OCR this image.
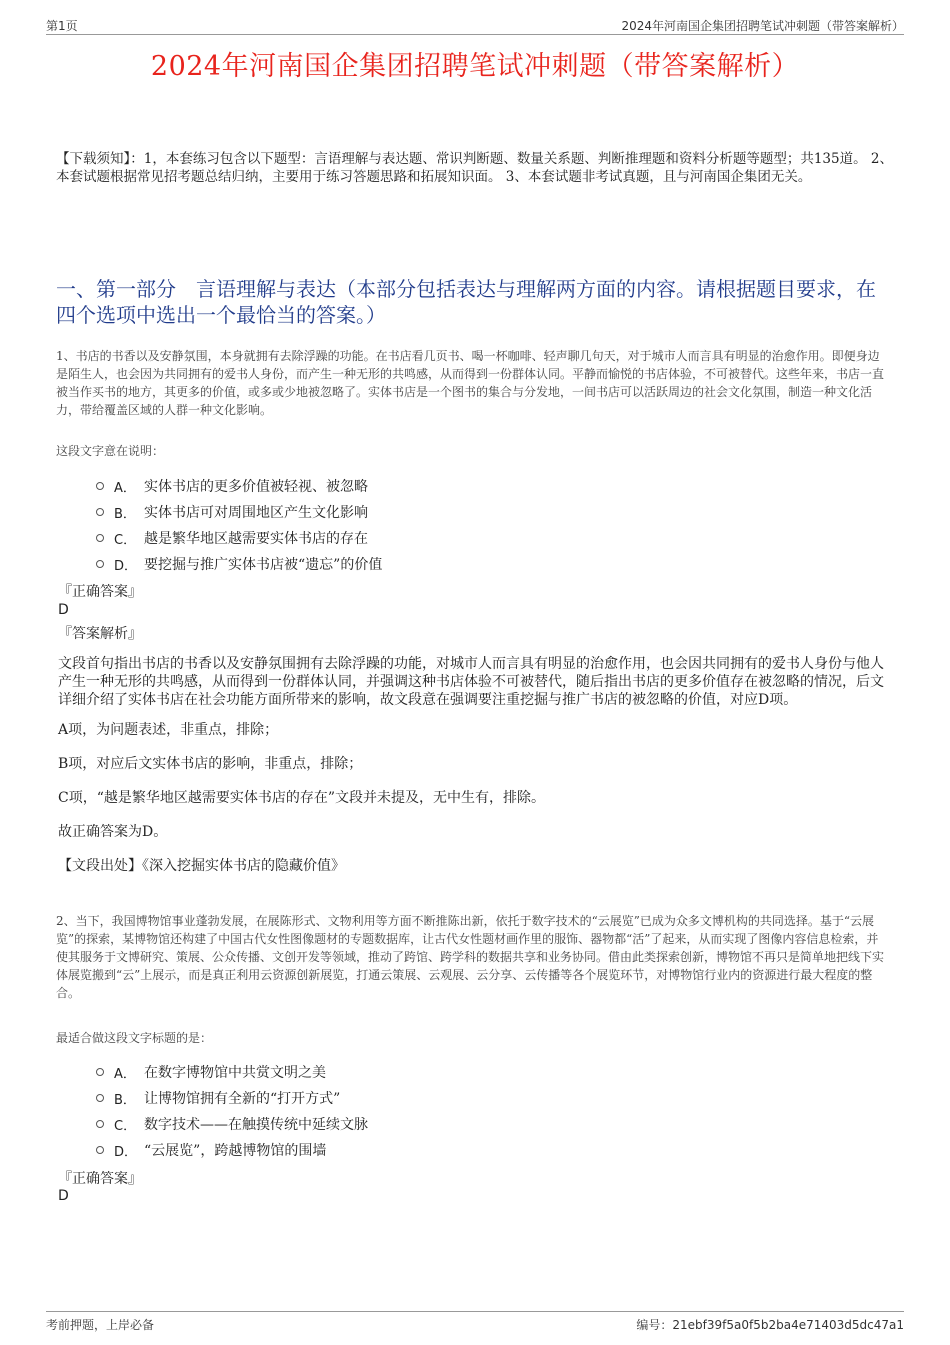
第1页	2024年河南国企集团招聘笔试冲刺题（带答案解析）
2024年河南国企集团招聘笔试冲刺题（带答案解析）
【下载须知】：1，本套练习包含以下题型：言语理解与表达题、常识判断题、数量关系题、判断推理题和资料分析题等题型；共135道。 2、本套试题根据常见招考题总结归纳，主要用于练习答题思路和拓展知识面。 3、本套试题非考试真题，且与河南国企集团无关。
一、第一部分　言语理解与表达（本部分包括表达与理解两方面的内容。请根据题目要求，在四个选项中选出一个最恰当的答案。）
1、书店的书香以及安静氛围，本身就拥有去除浮躁的功能。在书店看几页书、喝一杯咖啡、轻声聊几句天，对于城市人而言具有明显的治愈作用。即便身边是陌生人，也会因为共同拥有的爱书人身份，而产生一种无形的共鸣感，从而得到一份群体认同。平静而愉悦的书店体验，不可被替代。这些年来，书店一直被当作买书的地方，其更多的价值，或多或少地被忽略了。实体书店是一个图书的集合与分发地，一间书店可以活跃周边的社会文化氛围，制造一种文化活力，带给覆盖区域的人群一种文化影响。
这段文字意在说明：
A． 实体书店的更多价值被轻视、被忽略
B． 实体书店可对周围地区产生文化影响
C． 越是繁华地区越需要实体书店的存在
D． 要挖掘与推广实体书店被“遗忘”的价值
『正确答案』
D
『答案解析』
文段首句指出书店的书香以及安静氛围拥有去除浮躁的功能，对城市人而言具有明显的治愈作用，也会因共同拥有的爱书人身份与他人产生一种无形的共鸣感，从而得到一份群体认同，并强调这种书店体验不可被替代，随后指出书店的更多价值存在被忽略的情况，后文详细介绍了实体书店在社会功能方面所带来的影响，故文段意在强调要注重挖掘与推广书店的被忽略的价值，对应D项。
A项，为问题表述，非重点，排除；
B项，对应后文实体书店的影响，非重点，排除；
C项，“越是繁华地区越需要实体书店的存在”文段并未提及，无中生有，排除。
故正确答案为D。
【文段出处】《深入挖掘实体书店的隐藏价值》
2、当下，我国博物馆事业蓬勃发展，在展陈形式、文物利用等方面不断推陈出新，依托于数字技术的“云展览”已成为众多文博机构的共同选择。基于“云展览”的探索，某博物馆还构建了中国古代女性图像题材的专题数据库，让古代女性题材画作里的服饰、器物都“活”了起来，从而实现了图像内容信息检索，并使其服务于文博研究、策展、公众传播、文创开发等领域，推动了跨馆、跨学科的数据共享和业务协同。借由此类探索创新，博物馆不再只是简单地把线下实体展览搬到“云”上展示，而是真正利用云资源创新展览，打通云策展、云观展、云分享、云传播等各个展览环节，对博物馆行业内的资源进行最大程度的整合。
最适合做这段文字标题的是：
A． 在数字博物馆中共赏文明之美
B． 让博物馆拥有全新的“打开方式”
C． 数字技术——在触摸传统中延续文脉
D． “云展览”，跨越博物馆的围墙
『正确答案』
D
考前押题，上岸必备	编号：21ebf39f5a0f5b2ba4e71403d5dc47a1
